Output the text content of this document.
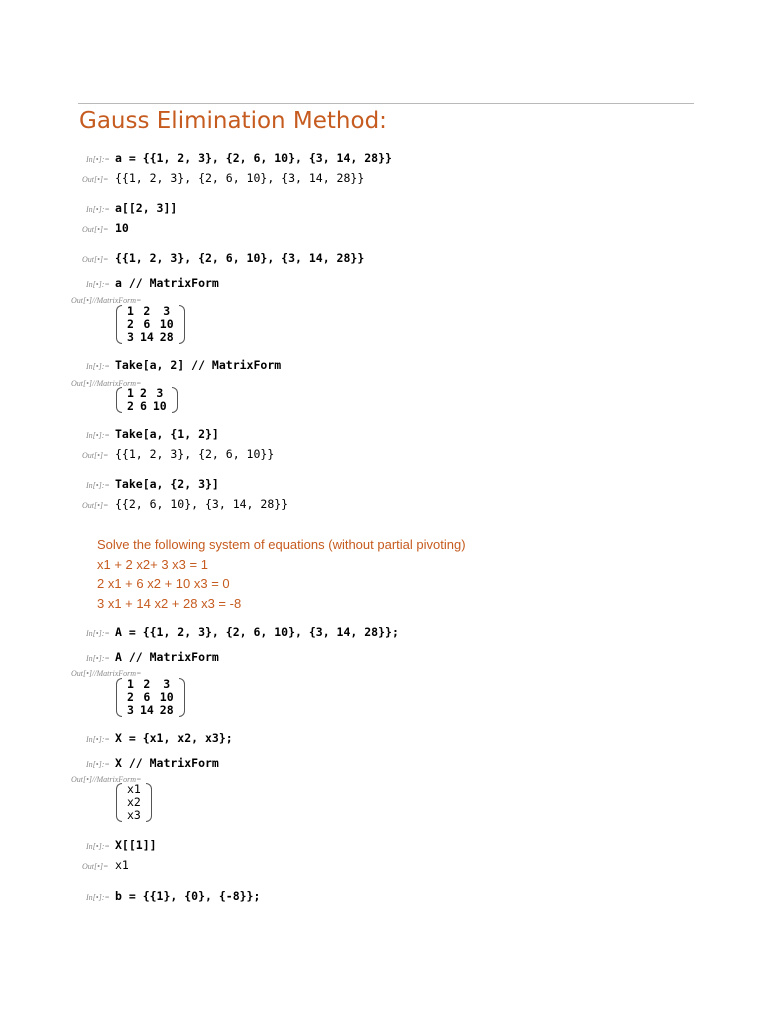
Gauss Elimination Method:
In[•]:= a = {{1, 2, 3}, {2, 6, 10}, {3, 14, 28}}
Out[•]= {{1, 2, 3}, {2, 6, 10}, {3, 14, 28}}
In[•]:= a[[2, 3]]
Out[•]= 10
Out[•]= {{1, 2, 3}, {2, 6, 10}, {3, 14, 28}}
In[•]:= a // MatrixForm
Out[•]//MatrixForm=
1	2	3
2	6	10
3	14	28
In[•]:= Take[a, 2] // MatrixForm
Out[•]//MatrixForm=
1	2	3
2	6	10
In[•]:= Take[a, {1, 2}]
Out[•]= {{1, 2, 3}, {2, 6, 10}}
In[•]:= Take[a, {2, 3}]
Out[•]= {{2, 6, 10}, {3, 14, 28}}
Solve the following system of equations (without partial pivoting)
x1 + 2 x2+ 3 x3 = 1
2 x1 + 6 x2 + 10 x3 = 0
3 x1 + 14 x2 + 28 x3 = -8
In[•]:= A = {{1, 2, 3}, {2, 6, 10}, {3, 14, 28}};
In[•]:= A // MatrixForm
Out[•]//MatrixForm=
1	2	3
2	6	10
3	14	28
In[•]:= X = {x1, x2, x3};
In[•]:= X // MatrixForm
Out[•]//MatrixForm=
x1
x2
x3
In[•]:= X[[1]]
Out[•]= x1
In[•]:= b = {{1}, {0}, {-8}};
